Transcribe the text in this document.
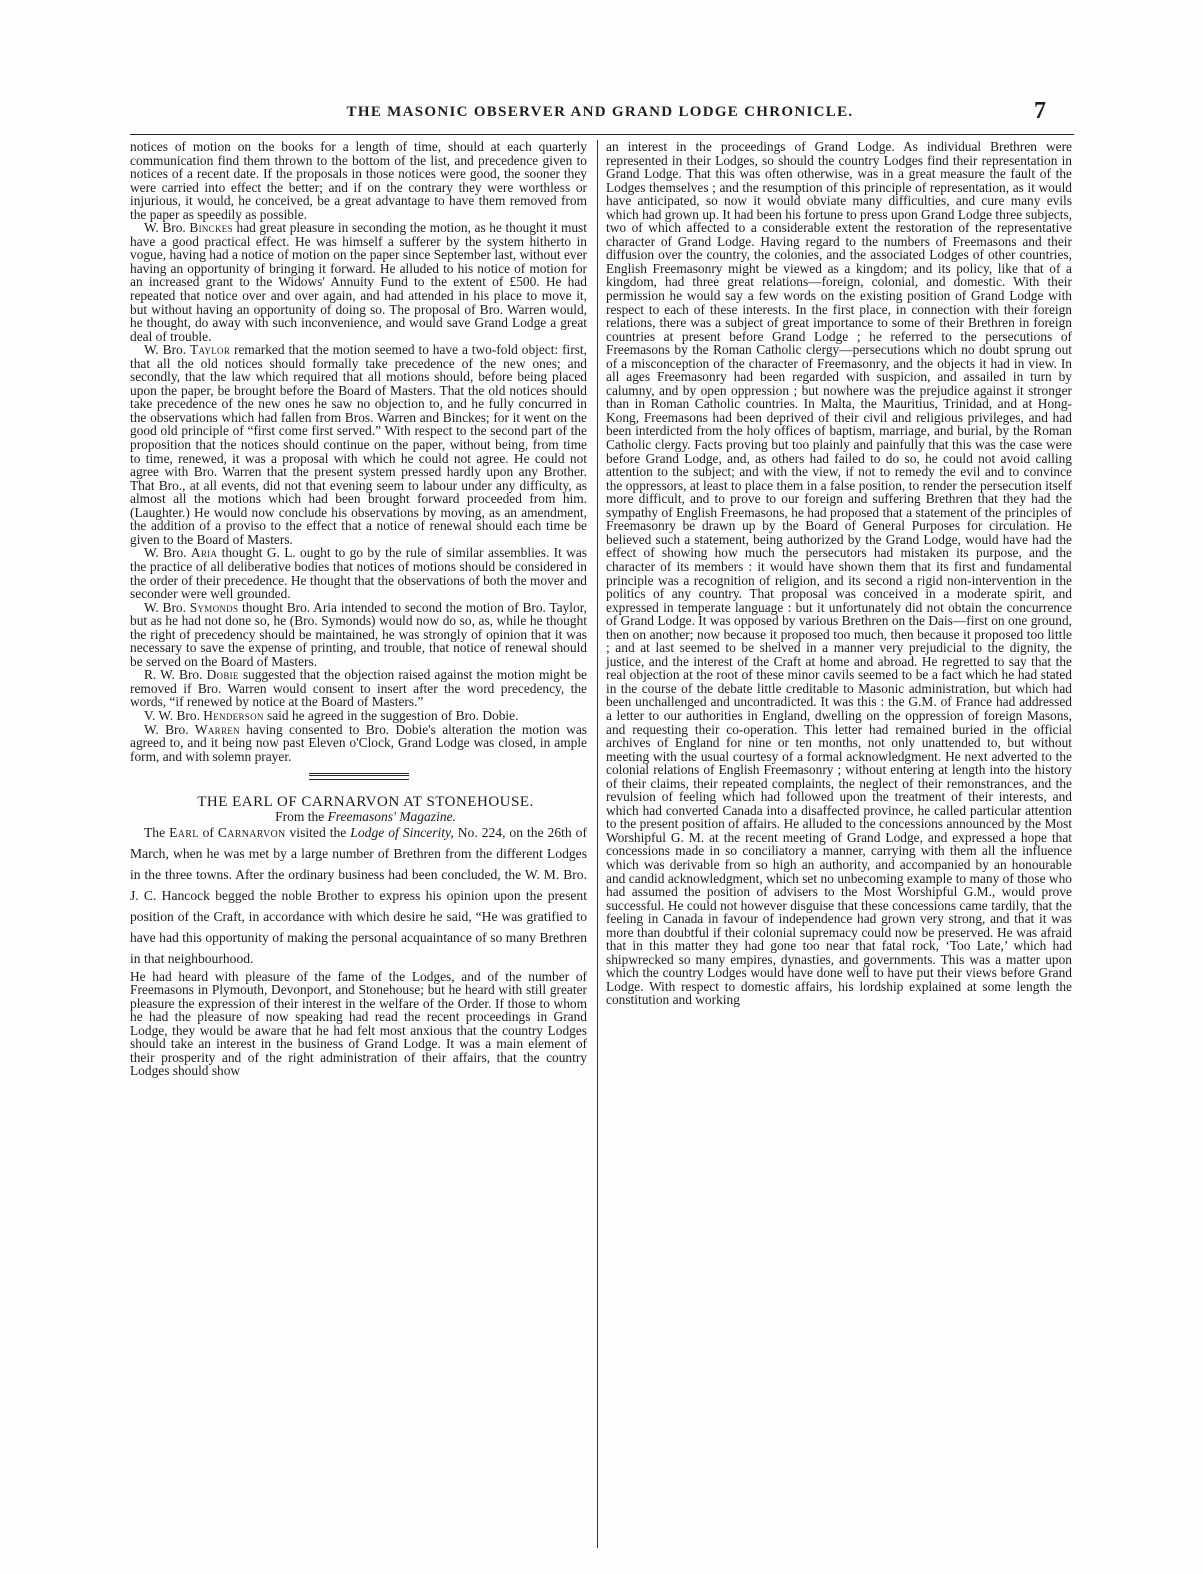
THE MASONIC OBSERVER AND GRAND LODGE CHRONICLE.	7

notices of motion on the books for a length of time, should at each quarterly communication find them thrown to the bottom of the list, and precedence given to notices of a recent date. If the proposals in those notices were good, the sooner they were carried into effect the better; and if on the contrary they were worthless or injurious, it would, he conceived, be a great advantage to have them removed from the paper as speedily as possible.

W. Bro. Binckes had great pleasure in seconding the motion, as he thought it must have a good practical effect. He was himself a sufferer by the system hitherto in vogue, having had a notice of motion on the paper since September last, without ever having an opportunity of bringing it forward. He alluded to his notice of motion for an increased grant to the Widows' Annuity Fund to the extent of £500. He had repeated that notice over and over again, and had attended in his place to move it, but without having an opportunity of doing so. The proposal of Bro. Warren would, he thought, do away with such inconvenience, and would save Grand Lodge a great deal of trouble.

W. Bro. Taylor remarked that the motion seemed to have a two-fold object: first, that all the old notices should formally take precedence of the new ones; and secondly, that the law which required that all motions should, before being placed upon the paper, be brought before the Board of Masters. That the old notices should take precedence of the new ones he saw no objection to, and he fully concurred in the observations which had fallen from Bros. Warren and Binckes; for it went on the good old principle of “first come first served.” With respect to the second part of the proposition that the notices should continue on the paper, without being, from time to time, renewed, it was a proposal with which he could not agree. He could not agree with Bro. Warren that the present system pressed hardly upon any Brother. That Bro., at all events, did not that evening seem to labour under any difficulty, as almost all the motions which had been brought forward proceeded from him. (Laughter.) He would now conclude his observations by moving, as an amendment, the addition of a proviso to the effect that a notice of renewal should each time be given to the Board of Masters.

W. Bro. Aria thought G. L. ought to go by the rule of similar assemblies. It was the practice of all deliberative bodies that notices of motions should be considered in the order of their precedence. He thought that the observations of both the mover and seconder were well grounded.

W. Bro. Symonds thought Bro. Aria intended to second the motion of Bro. Taylor, but as he had not done so, he (Bro. Symonds) would now do so, as, while he thought the right of precedency should be maintained, he was strongly of opinion that it was necessary to save the expense of printing, and trouble, that notice of renewal should be served on the Board of Masters.

R. W. Bro. Dobie suggested that the objection raised against the motion might be removed if Bro. Warren would consent to insert after the word precedency, the words, “if renewed by notice at the Board of Masters.”

V. W. Bro. Henderson said he agreed in the suggestion of Bro. Dobie.

W. Bro. Warren having consented to Bro. Dobie's alteration the motion was agreed to, and it being now past Eleven o'Clock, Grand Lodge was closed, in ample form, and with solemn prayer.

THE EARL OF CARNARVON AT STONEHOUSE.

From the Freemasons' Magazine.

The Earl of Carnarvon visited the Lodge of Sincerity, No. 224, on the 26th of March, when he was met by a large number of Brethren from the different Lodges in the three towns. After the ordinary business had been concluded, the W. M. Bro. J. C. Hancock begged the noble Brother to express his opinion upon the present position of the Craft, in accordance with which desire he said, “He was gratified to have had this opportunity of making the personal acquaintance of so many Brethren in that neighbourhood.

He had heard with pleasure of the fame of the Lodges, and of the number of Freemasons in Plymouth, Devonport, and Stonehouse; but he heard with still greater pleasure the expression of their interest in the welfare of the Order. If those to whom he had the pleasure of now speaking had read the recent proceedings in Grand Lodge, they would be aware that he had felt most anxious that the country Lodges should take an interest in the business of Grand Lodge. It was a main element of their prosperity and of the right administration of their affairs, that the country Lodges should show

an interest in the proceedings of Grand Lodge. As individual Brethren were represented in their Lodges, so should the country Lodges find their representation in Grand Lodge. That this was often otherwise, was in a great measure the fault of the Lodges themselves ; and the resumption of this principle of representation, as it would have anticipated, so now it would obviate many difficulties, and cure many evils which had grown up. It had been his fortune to press upon Grand Lodge three subjects, two of which affected to a considerable extent the restoration of the representative character of Grand Lodge. Having regard to the numbers of Freemasons and their diffusion over the country, the colonies, and the associated Lodges of other countries, English Freemasonry might be viewed as a kingdom; and its policy, like that of a kingdom, had three great relations—foreign, colonial, and domestic. With their permission he would say a few words on the existing position of Grand Lodge with respect to each of these interests. In the first place, in connection with their foreign relations, there was a subject of great importance to some of their Brethren in foreign countries at present before Grand Lodge ; he referred to the persecutions of Freemasons by the Roman Catholic clergy—persecutions which no doubt sprung out of a misconception of the character of Freemasonry, and the objects it had in view. In all ages Freemasonry had been regarded with suspicion, and assailed in turn by calumny, and by open oppression ; but nowhere was the prejudice against it stronger than in Roman Catholic countries. In Malta, the Mauritius, Trinidad, and at Hong-Kong, Freemasons had been deprived of their civil and religious privileges, and had been interdicted from the holy offices of baptism, marriage, and burial, by the Roman Catholic clergy. Facts proving but too plainly and painfully that this was the case were before Grand Lodge, and, as others had failed to do so, he could not avoid calling attention to the subject; and with the view, if not to remedy the evil and to convince the oppressors, at least to place them in a false position, to render the persecution itself more difficult, and to prove to our foreign and suffering Brethren that they had the sympathy of English Freemasons, he had proposed that a statement of the principles of Freemasonry be drawn up by the Board of General Purposes for circulation. He believed such a statement, being authorized by the Grand Lodge, would have had the effect of showing how much the persecutors had mistaken its purpose, and the character of its members : it would have shown them that its first and fundamental principle was a recognition of religion, and its second a rigid non-intervention in the politics of any country. That proposal was conceived in a moderate spirit, and expressed in temperate language : but it unfortunately did not obtain the concurrence of Grand Lodge. It was opposed by various Brethren on the Dais—first on one ground, then on another; now because it proposed too much, then because it proposed too little ; and at last seemed to be shelved in a manner very prejudicial to the dignity, the justice, and the interest of the Craft at home and abroad. He regretted to say that the real objection at the root of these minor cavils seemed to be a fact which he had stated in the course of the debate little creditable to Masonic administration, but which had been unchallenged and uncontradicted. It was this : the G.M. of France had addressed a letter to our authorities in England, dwelling on the oppression of foreign Masons, and requesting their co-operation. This letter had remained buried in the official archives of England for nine or ten months, not only unattended to, but without meeting with the usual courtesy of a formal acknowledgment. He next adverted to the colonial relations of English Freemasonry ; without entering at length into the history of their claims, their repeated complaints, the neglect of their remonstrances, and the revulsion of feeling which had followed upon the treatment of their interests, and which had converted Canada into a disaffected province, he called particular attention to the present position of affairs. He alluded to the concessions announced by the Most Worshipful G. M. at the recent meeting of Grand Lodge, and expressed a hope that concessions made in so conciliatory a manner, carrying with them all the influence which was derivable from so high an authority, and accompanied by an honourable and candid acknowledgment, which set no unbecoming example to many of those who had assumed the position of advisers to the Most Worshipful G.M., would prove successful. He could not however disguise that these concessions came tardily, that the feeling in Canada in favour of independence had grown very strong, and that it was more than doubtful if their colonial supremacy could now be preserved. He was afraid that in this matter they had gone too near that fatal rock, ‘Too Late,’ which had shipwrecked so many empires, dynasties, and governments. This was a matter upon which the country Lodges would have done well to have put their views before Grand Lodge. With respect to domestic affairs, his lordship explained at some length the constitution and working
